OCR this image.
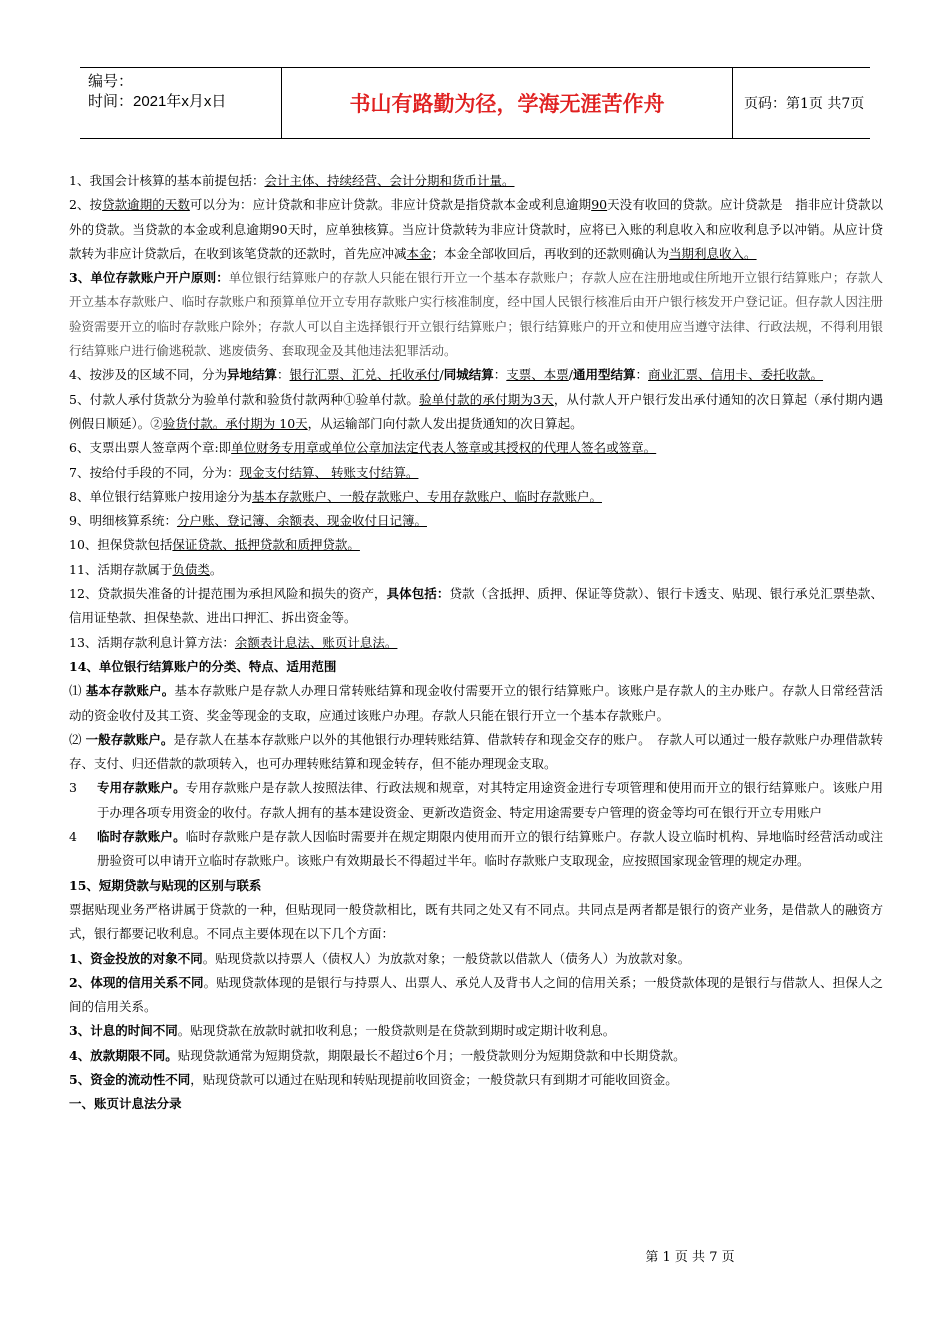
编号：
时间：2021年x月x日	书山有路勤为径，学海无涯苦作舟	页码：第1页 共7页

1、我国会计核算的基本前提包括：会计主体、持续经营、会计分期和货币计量。

2、按贷款逾期的天数可以分为：应计贷款和非应计贷款。非应计贷款是指贷款本金或利息逾期90天没有收回的贷款。应计贷款是　指非应计贷款以外的贷款。当贷款的本金或利息逾期90天时，应单独核算。当应计贷款转为非应计贷款时，应将已入账的利息收入和应收利息予以冲销。从应计贷款转为非应计贷款后，在收到该笔贷款的还款时，首先应冲减本金；本金全部收回后，再收到的还款则确认为当期利息收入。

3、单位存款账户开户原则：单位银行结算账户的存款人只能在银行开立一个基本存款账户；存款人应在注册地或住所地开立银行结算账户；存款人开立基本存款账户、临时存款账户和预算单位开立专用存款账户实行核准制度，经中国人民银行核准后由开户银行核发开户登记证。但存款人因注册验资需要开立的临时存款账户除外；存款人可以自主选择银行开立银行结算账户；银行结算账户的开立和使用应当遵守法律、行政法规，不得利用银行结算账户进行偷逃税款、逃废债务、套取现金及其他违法犯罪活动。

4、按涉及的区域不同，分为异地结算：银行汇票、汇兑、托收承付/同城结算：支票、本票/通用型结算：商业汇票、信用卡、委托收款。

5、付款人承付货款分为验单付款和验货付款两种①验单付款。验单付款的承付期为3天，从付款人开户银行发出承付通知的次日算起（承付期内遇例假日顺延）。②验货付款。承付期为 10天，从运输部门向付款人发出提货通知的次日算起。

6、支票出票人签章两个章:即单位财务专用章或单位公章加法定代表人签章或其授权的代理人签名或签章。

7、按给付手段的不同，分为：现金支付结算、 转账支付结算。

8、单位银行结算账户按用途分为基本存款账户、一般存款账户、专用存款账户、临时存款账户。

9、明细核算系统：分户账、登记簿、余额表、现金收付日记簿。

10、担保贷款包括保证贷款、抵押贷款和质押贷款。

11、活期存款属于负债类。

12、贷款损失准备的计提范围为承担风险和损失的资产，具体包括：贷款（含抵押、质押、保证等贷款）、银行卡透支、贴现、银行承兑汇票垫款、信用证垫款、担保垫款、进出口押汇、拆出资金等。

13、活期存款利息计算方法：余额表计息法、账页计息法。

14、单位银行结算账户的分类、特点、适用范围

⑴ 基本存款账户。基本存款账户是存款人办理日常转账结算和现金收付需要开立的银行结算账户。该账户是存款人的主办账户。存款人日常经营活动的资金收付及其工资、奖金等现金的支取，应通过该账户办理。存款人只能在银行开立一个基本存款账户。

⑵ 一般存款账户。是存款人在基本存款账户以外的其他银行办理转账结算、借款转存和现金交存的账户。　存款人可以通过一般存款账户办理借款转存、支付、归还借款的款项转入，也可办理转账结算和现金转存，但不能办理现金支取。

3	专用存款账户。专用存款账户是存款人按照法律、行政法规和规章，对其特定用途资金进行专项管理和使用而开立的银行结算账户。该账户用于办理各项专用资金的收付。存款人拥有的基本建设资金、更新改造资金、特定用途需要专户管理的资金等均可在银行开立专用账户
4	临时存款账户。临时存款账户是存款人因临时需要并在规定期限内使用而开立的银行结算账户。存款人设立临时机构、异地临时经营活动或注册验资可以申请开立临时存款账户。该账户有效期最长不得超过半年。临时存款账户支取现金，应按照国家现金管理的规定办理。

15、短期贷款与贴现的区别与联系

票据贴现业务严格讲属于贷款的一种，但贴现同一般贷款相比，既有共同之处又有不同点。共同点是两者都是银行的资产业务，是借款人的融资方式，银行都要记收利息。不同点主要体现在以下几个方面：

1、资金投放的对象不同。贴现贷款以持票人（债权人）为放款对象；一般贷款以借款人（债务人）为放款对象。

2、体现的信用关系不同。贴现贷款体现的是银行与持票人、出票人、承兑人及背书人之间的信用关系；一般贷款体现的是银行与借款人、担保人之间的信用关系。

3、计息的时间不同。贴现贷款在放款时就扣收利息；一般贷款则是在贷款到期时或定期计收利息。

4、放款期限不同。贴现贷款通常为短期贷款，期限最长不超过6个月；一般贷款则分为短期贷款和中长期贷款。

5、资金的流动性不同，贴现贷款可以通过在贴现和转贴现提前收回资金；一般贷款只有到期才可能收回资金。

一、账页计息法分录

第 1 页 共 7 页
